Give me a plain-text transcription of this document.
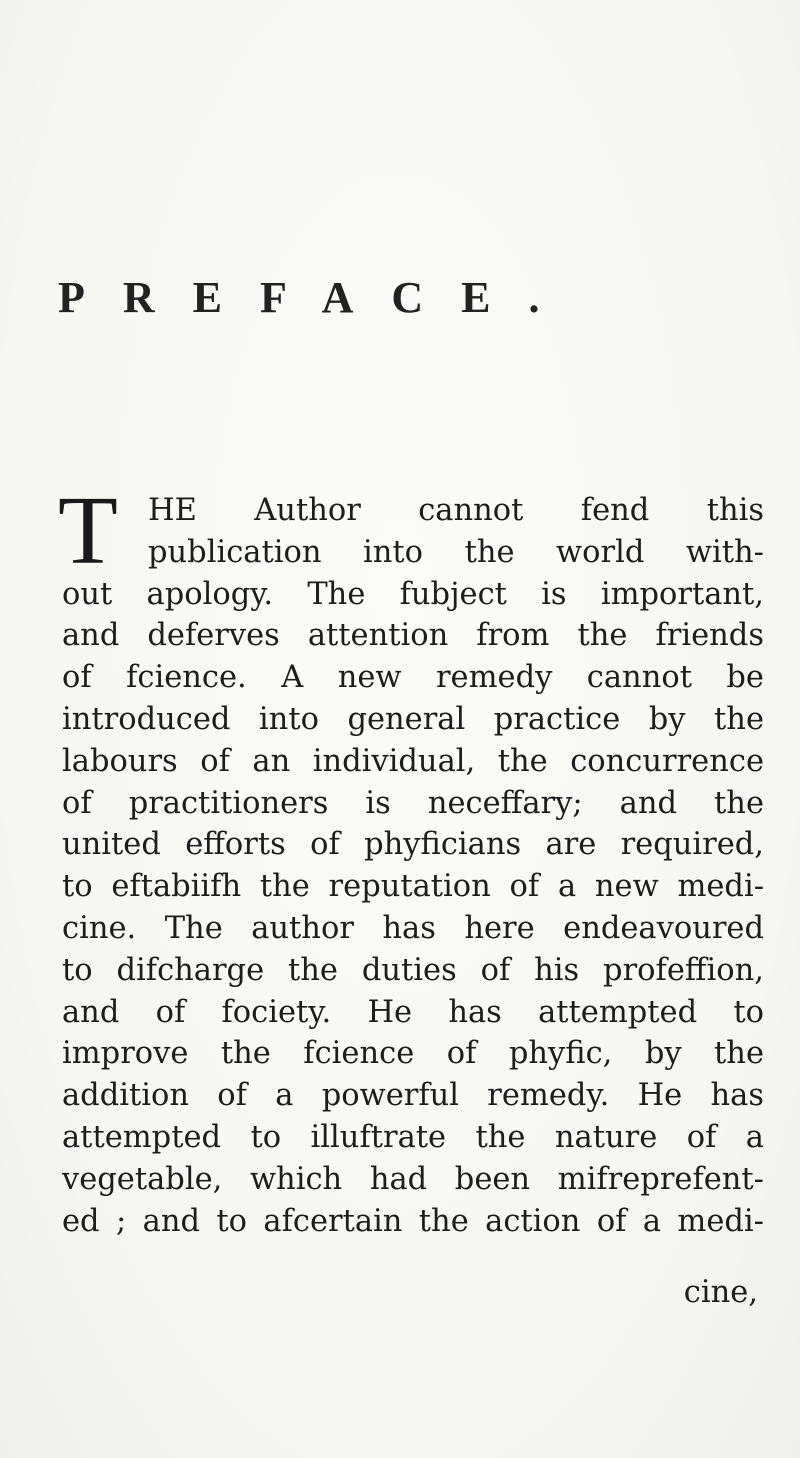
PREFACE.
T HE Author cannot fend this
publication into the world with-
out apology. The fubject is important,
and deferves attention from the friends
of fcience. A new remedy cannot be
introduced into general practice by the
labours of an individual, the concurrence
of practitioners is neceffary; and the
united efforts of phyficians are required,
to eftabiifh the reputation of a new medi-
cine. The author has here endeavoured
to difcharge the duties of his profeffion,
and of fociety. He has attempted to
improve the fcience of phyfic, by the
addition of a powerful remedy. He has
attempted to illuftrate the nature of a
vegetable, which had been mifreprefent-
ed ; and to afcertain the action of a medi-
cine,
